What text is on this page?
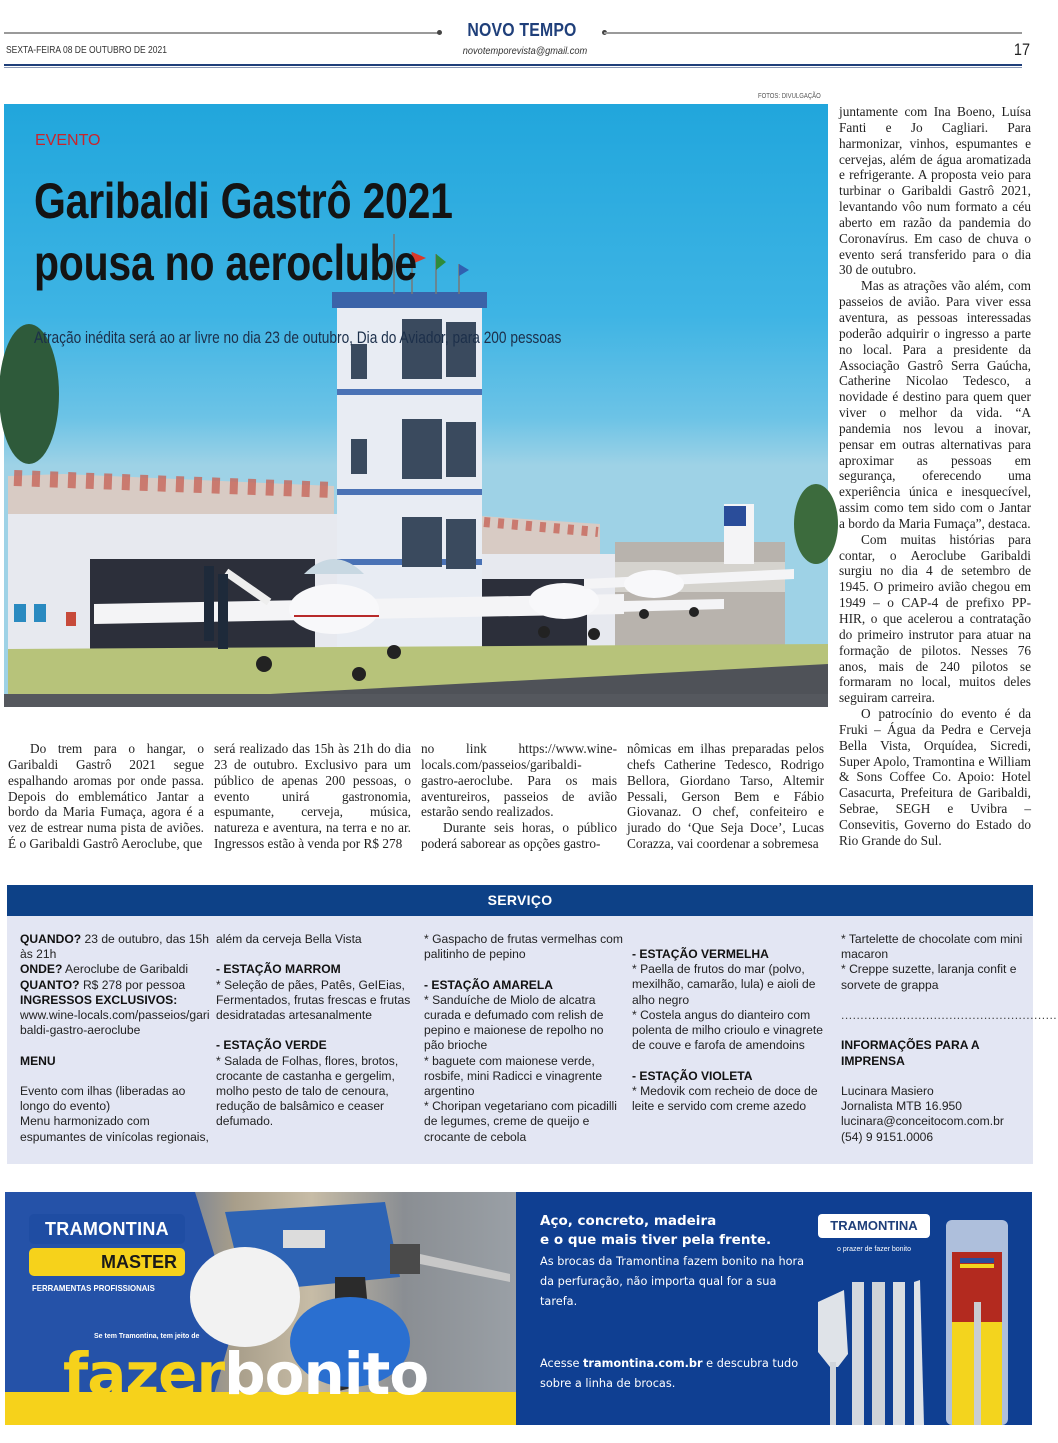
NOVO TEMPO
SEXTA-FEIRA 08 DE OUTUBRO DE 2021	novotemporevista@gmail.com	17
FOTOS: DIVULGAÇÃO
EVENTO
Garibaldi Gastrô 2021
pousa no aeroclube
Atração inédita será ao ar livre no dia 23 de outubro, Dia do Aviador, para 200 pessoas

juntamente com Ina Boeno, Luísa Fanti e Jo Cagliari. Para harmonizar, vinhos, espumantes e cervejas, além de água aromatizada e refrigerante. A proposta veio para turbinar o Garibaldi Gastrô 2021, levantando vôo num formato a céu aberto em razão da pandemia do Coronavírus. Em caso de chuva o evento será transferido para o dia 30 de outubro.

Mas as atrações vão além, com passeios de avião. Para viver essa aventura, as pessoas interessadas poderão adquirir o ingresso a parte no local. Para a presidente da Associação Gastrô Serra Gaúcha, Catherine Nicolao Tedesco, a novidade é destino para quem quer viver o melhor da vida. “A pandemia nos levou a inovar, pensar em outras alternativas para aproximar as pessoas em segurança, oferecendo uma experiência única e inesquecível, assim como tem sido com o Jantar a bordo da Maria Fumaça”, destaca.

Com muitas histórias para contar, o Aeroclube Garibaldi surgiu no dia 4 de setembro de 1945. O primeiro avião chegou em 1949 – o CAP-4 de prefixo PP-HIR, o que acelerou a contratação do primeiro instrutor para atuar na formação de pilotos. Nesses 76 anos, mais de 240 pilotos se formaram no local, muitos deles seguiram carreira.

O patrocínio do evento é da Fruki – Água da Pedra e Cerveja Bella Vista, Orquídea, Sicredi, Super Apolo, Tramontina e William & Sons Coffee Co. Apoio: Hotel Casacurta, Prefeitura de Garibaldi, Sebrae, SEGH e Uvibra – Consevitis, Governo do Estado do Rio Grande do Sul.

Do trem para o hangar, o Garibaldi Gastrô 2021 segue espalhando aromas por onde passa. Depois do emblemático Jantar a bordo da Maria Fumaça, agora é a vez de estrear numa pista de aviões. É o Garibaldi Gastrô Aeroclube, que

será realizado das 15h às 21h do dia 23 de outubro. Exclusivo para um público de apenas 200 pessoas, o evento unirá gastronomia, espumante, cerveja, música, natureza e aventura, na terra e no ar. Ingressos estão à venda por R$ 278

no link https://www.wine-locals.com/passeios/garibaldi-gastro-aeroclube. Para os mais aventureiros, passeios de avião estarão sendo realizados.

Durante seis horas, o público poderá saborear as opções gastro-

nômicas em ilhas preparadas pelos chefs Catherine Tedesco, Rodrigo Bellora, Giordano Tarso, Altemir Pessali, Gerson Bem e Fábio Giovanaz. O chef, confeiteiro e jurado do ‘Que Seja Doce’, Lucas Corazza, vai coordenar a sobremesa

SERVIÇO
QUANDO? 23 de outubro, das 15h às 21h
ONDE? Aeroclube de Garibaldi
QUANTO? R$ 278 por pessoa
INGRESSOS EXCLUSIVOS:
www.wine-locals.com/passeios/garibaldi-gastro-aeroclube
MENU
Evento com ilhas (liberadas ao longo do evento)
Menu harmonizado com espumantes de vinícolas regionais,
além da cerveja Bella Vista
- ESTAÇÃO MARROM
* Seleção de pães, Patês, GeIEias, Fermentados, frutas frescas e frutas desidratadas artesanalmente
- ESTAÇÃO VERDE
* Salada de Folhas, flores, brotos, crocante de castanha e gergelim, molho pesto de talo de cenoura, redução de balsâmico e ceaser defumado.
* Gaspacho de frutas vermelhas com palitinho de pepino
- ESTAÇÃO AMARELA
* Sanduíche de Miolo de alcatra curada e defumado com relish de pepino e maionese de repolho no pão brioche
* baguete com maionese verde, rosbife, mini Radicci e vinagrente argentino
* Choripan vegetariano com picadilli de legumes, creme de queijo e crocante de cebola
- ESTAÇÃO VERMELHA
* Paella de frutos do mar (polvo, mexilhão, camarão, lula) e aioli de alho negro
* Costela angus do dianteiro com polenta de milho crioulo e vinagrete de couve e farofa de amendoins
- ESTAÇÃO VIOLETA
* Medovik com recheio de doce de leite e servido com creme azedo
* Tartelette de chocolate com mini macaron
* Creppe suzette, laranja confit e sorvete de grappa
........................................................
INFORMAÇÕES PARA A IMPRENSA
Lucinara Masiero
Jornalista MTB 16.950
lucinara@conceitocom.com.br
(54) 9 9151.0006
TRAMONTINA
MASTER
FERRAMENTAS PROFISSIONAIS
Se tem Tramontina, tem jeito de
fazerbonito
Aço, concreto, madeira
e o que mais tiver pela frente.
As brocas da Tramontina fazem bonito na hora da perfuração, não importa qual for a sua tarefa.
Acesse tramontina.com.br e descubra tudo sobre a linha de brocas.
TRAMONTINA
o prazer de fazer bonito
